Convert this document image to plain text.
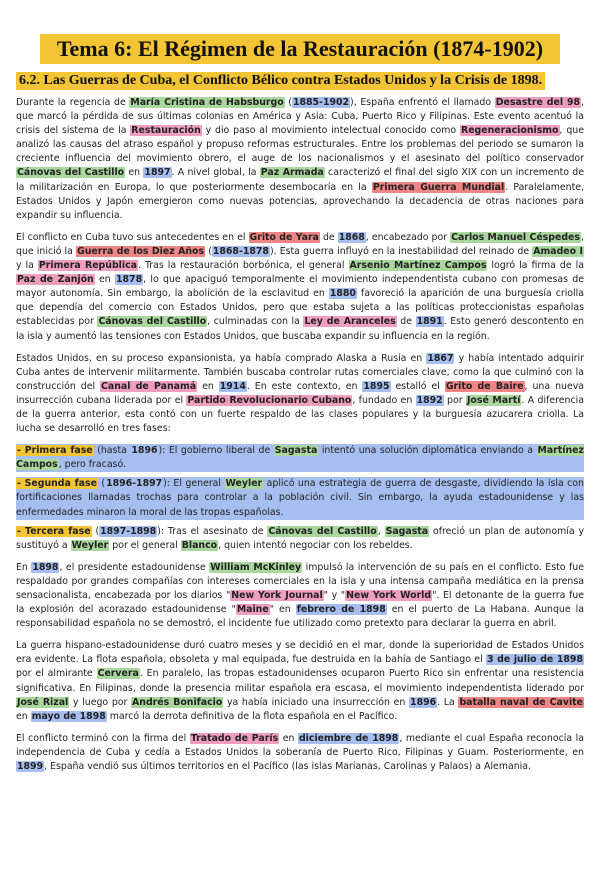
Tema 6: El Régimen de la Restauración (1874-1902)
6.2. Las Guerras de Cuba, el Conflicto Bélico contra Estados Unidos y la Crisis de 1898.

Durante la regencia de María Cristina de Habsburgo (1885-1902), España enfrentó el llamado Desastre del 98, que marcó la pérdida de sus últimas colonias en América y Asia: Cuba, Puerto Rico y Filipinas. Este evento acentuó la crisis del sistema de la Restauración y dio paso al movimiento intelectual conocido como Regeneracionismo, que analizó las causas del atraso español y propuso reformas estructurales. Entre los problemas del periodo se sumaron la creciente influencia del movimiento obrero, el auge de los nacionalismos y el asesinato del político conservador Cánovas del Castillo en 1897. A nivel global, la Paz Armada caracterizó el final del siglo XIX con un incremento de la militarización en Europa, lo que posteriormente desembocaría en la Primera Guerra Mundial. Paralelamente, Estados Unidos y Japón emergieron como nuevas potencias, aprovechando la decadencia de otras naciones para expandir su influencia.

El conflicto en Cuba tuvo sus antecedentes en el Grito de Yara de 1868, encabezado por Carlos Manuel Céspedes, que inició la Guerra de los Diez Años (1868-1878). Esta guerra influyó en la inestabilidad del reinado de Amadeo I y la Primera República. Tras la restauración borbónica, el general Arsenio Martínez Campos logró la firma de la Paz de Zanjón en 1878, lo que apaciguó temporalmente el movimiento independentista cubano con promesas de mayor autonomía. Sin embargo, la abolición de la esclavitud en 1880 favoreció la aparición de una burguesía criolla que dependía del comercio con Estados Unidos, pero que estaba sujeta a las políticas proteccionistas españolas establecidas por Cánovas del Castillo, culminadas con la Ley de Aranceles de 1891. Esto generó descontento en la isla y aumentó las tensiones con Estados Unidos, que buscaba expandir su influencia en la región.

Estados Unidos, en su proceso expansionista, ya había comprado Alaska a Rusia en 1867 y había intentado adquirir Cuba antes de intervenir militarmente. También buscaba controlar rutas comerciales clave, como la que culminó con la construcción del Canal de Panamá en 1914. En este contexto, en 1895 estalló el Grito de Baire, una nueva insurrección cubana liderada por el Partido Revolucionario Cubano, fundado en 1892 por José Martí. A diferencia de la guerra anterior, esta contó con un fuerte respaldo de las clases populares y la burguesía azucarera criolla. La lucha se desarrolló en tres fases:

- Primera fase (hasta 1896): El gobierno liberal de Sagasta intentó una solución diplomática enviando a Martínez Campos, pero fracasó.

- Segunda fase (1896-1897): El general Weyler aplicó una estrategia de guerra de desgaste, dividiendo la isla con fortificaciones llamadas trochas para controlar a la población civil. Sin embargo, la ayuda estadounidense y las enfermedades minaron la moral de las tropas españolas.

- Tercera fase (1897-1898): Tras el asesinato de Cánovas del Castillo, Sagasta ofreció un plan de autonomía y sustituyó a Weyler por el general Blanco, quien intentó negociar con los rebeldes.

En 1898, el presidente estadounidense William McKinley impulsó la intervención de su país en el conflicto. Esto fue respaldado por grandes compañías con intereses comerciales en la isla y una intensa campaña mediática en la prensa sensacionalista, encabezada por los diarios "New York Journal" y "New York World". El detonante de la guerra fue la explosión del acorazado estadounidense "Maine" en febrero de 1898 en el puerto de La Habana. Aunque la responsabilidad española no se demostró, el incidente fue utilizado como pretexto para declarar la guerra en abril.

La guerra hispano-estadounidense duró cuatro meses y se decidió en el mar, donde la superioridad de Estados Unidos era evidente. La flota española, obsoleta y mal equipada, fue destruida en la bahía de Santiago el 3 de julio de 1898 por el almirante Cervera. En paralelo, las tropas estadounidenses ocuparon Puerto Rico sin enfrentar una resistencia significativa. En Filipinas, donde la presencia militar española era escasa, el movimiento independentista liderado por José Rizal y luego por Andrés Bonifacio ya había iniciado una insurrección en 1896. La batalla naval de Cavite en mayo de 1898 marcó la derrota definitiva de la flota española en el Pacífico.

El conflicto terminó con la firma del Tratado de París en diciembre de 1898, mediante el cual España reconocía la independencia de Cuba y cedía a Estados Unidos la soberanía de Puerto Rico, Filipinas y Guam. Posteriormente, en 1899, España vendió sus últimos territorios en el Pacífico (las islas Marianas, Carolinas y Palaos) a Alemania.
